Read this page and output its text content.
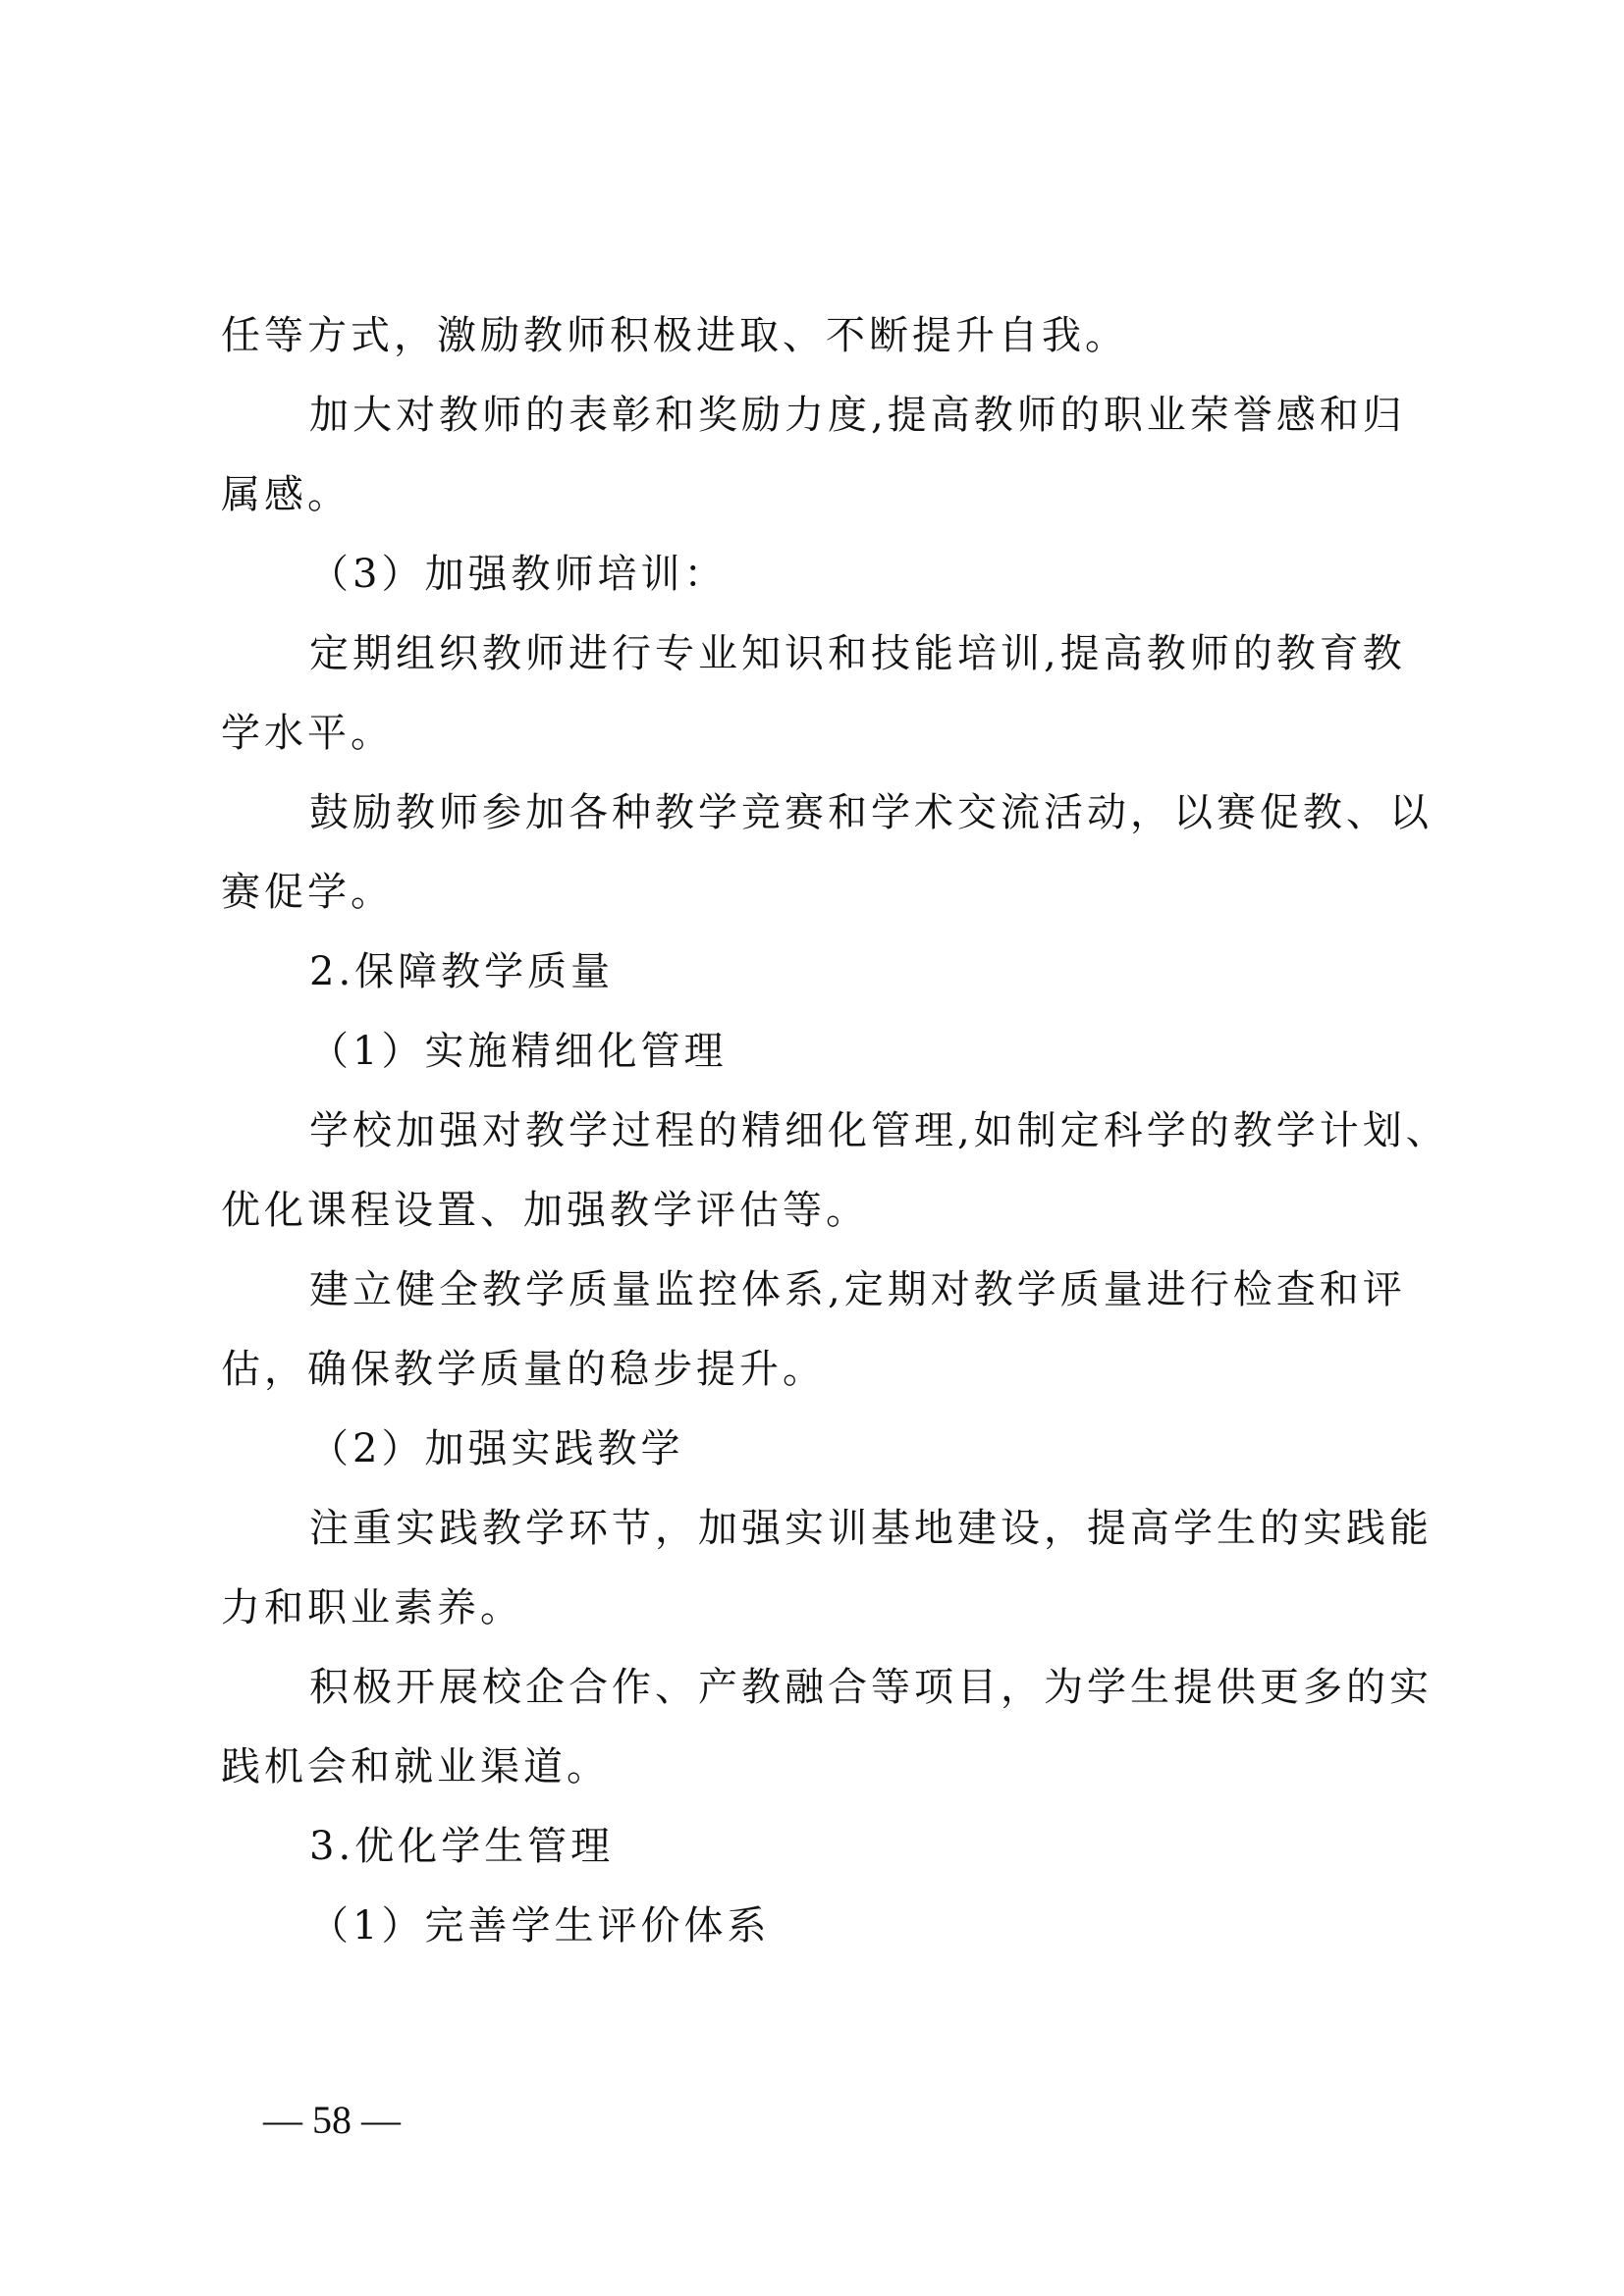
任等方式，激励教师积极进取、不断提升自我。
加大对教师的表彰和奖励力度,提高教师的职业荣誉感和归
属感。
（3）加强教师培训：
定期组织教师进行专业知识和技能培训,提高教师的教育教
学水平。
鼓励教师参加各种教学竞赛和学术交流活动，以赛促教、以
赛促学。
2.保障教学质量
（1）实施精细化管理
学校加强对教学过程的精细化管理,如制定科学的教学计划、
优化课程设置、加强教学评估等。
建立健全教学质量监控体系,定期对教学质量进行检查和评
估，确保教学质量的稳步提升。
（2）加强实践教学
注重实践教学环节，加强实训基地建设，提高学生的实践能
力和职业素养。
积极开展校企合作、产教融合等项目，为学生提供更多的实
践机会和就业渠道。
3.优化学生管理
（1）完善学生评价体系
— 58 —
